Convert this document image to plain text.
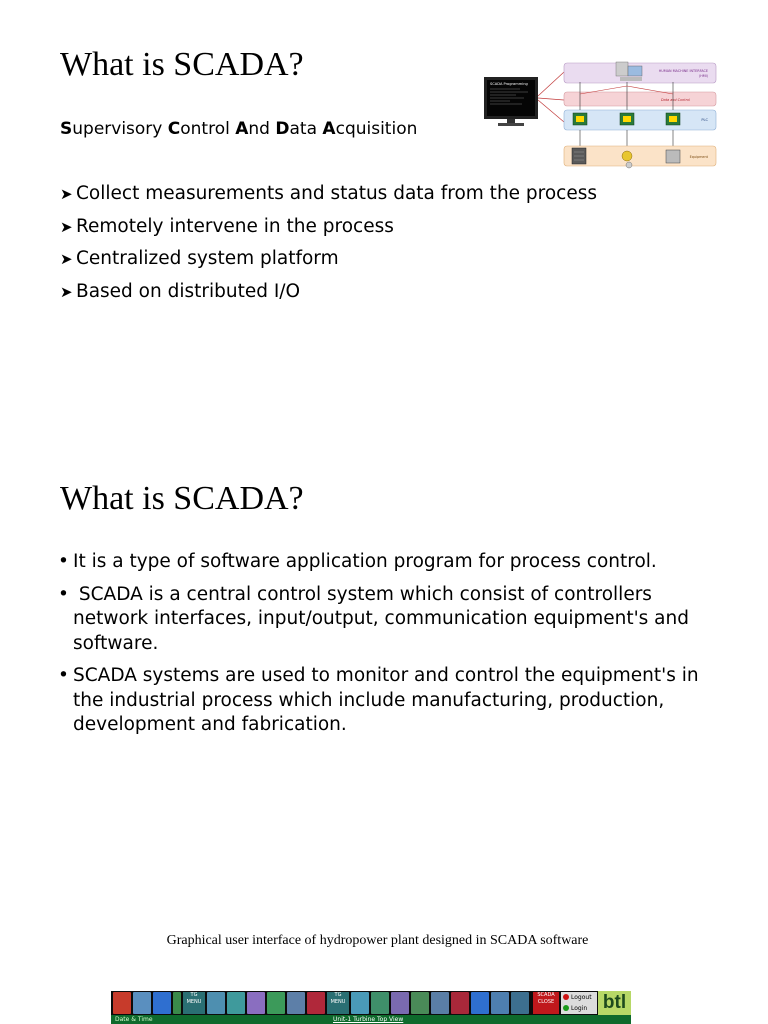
What is SCADA?
Supervisory Control And Data Acquisition
➤ Collect measurements and status data from the process
➤ Remotely intervene in the process
➤ Centralized system platform
➤ Based on distributed I/O
SCADA Programming
HUMAN MACHINE INTERFACE
(HMI)
Data and Control
PLC
Equipment
What is SCADA?
• It is a type of software application program for process control.
• SCADA is a central control system which consist of controllers network interfaces, input/output, communication equipment's and software.
• SCADA systems are used to monitor and control the equipment's in the industrial process which include manufacturing, production, development and fabrication.
Graphical user interface of hydropower plant designed in SCADA software
TG MENU
TG MENU
SCADA CLOSE
Logout
Login btl
Date & Time	Unit-1 Turbine Top View
